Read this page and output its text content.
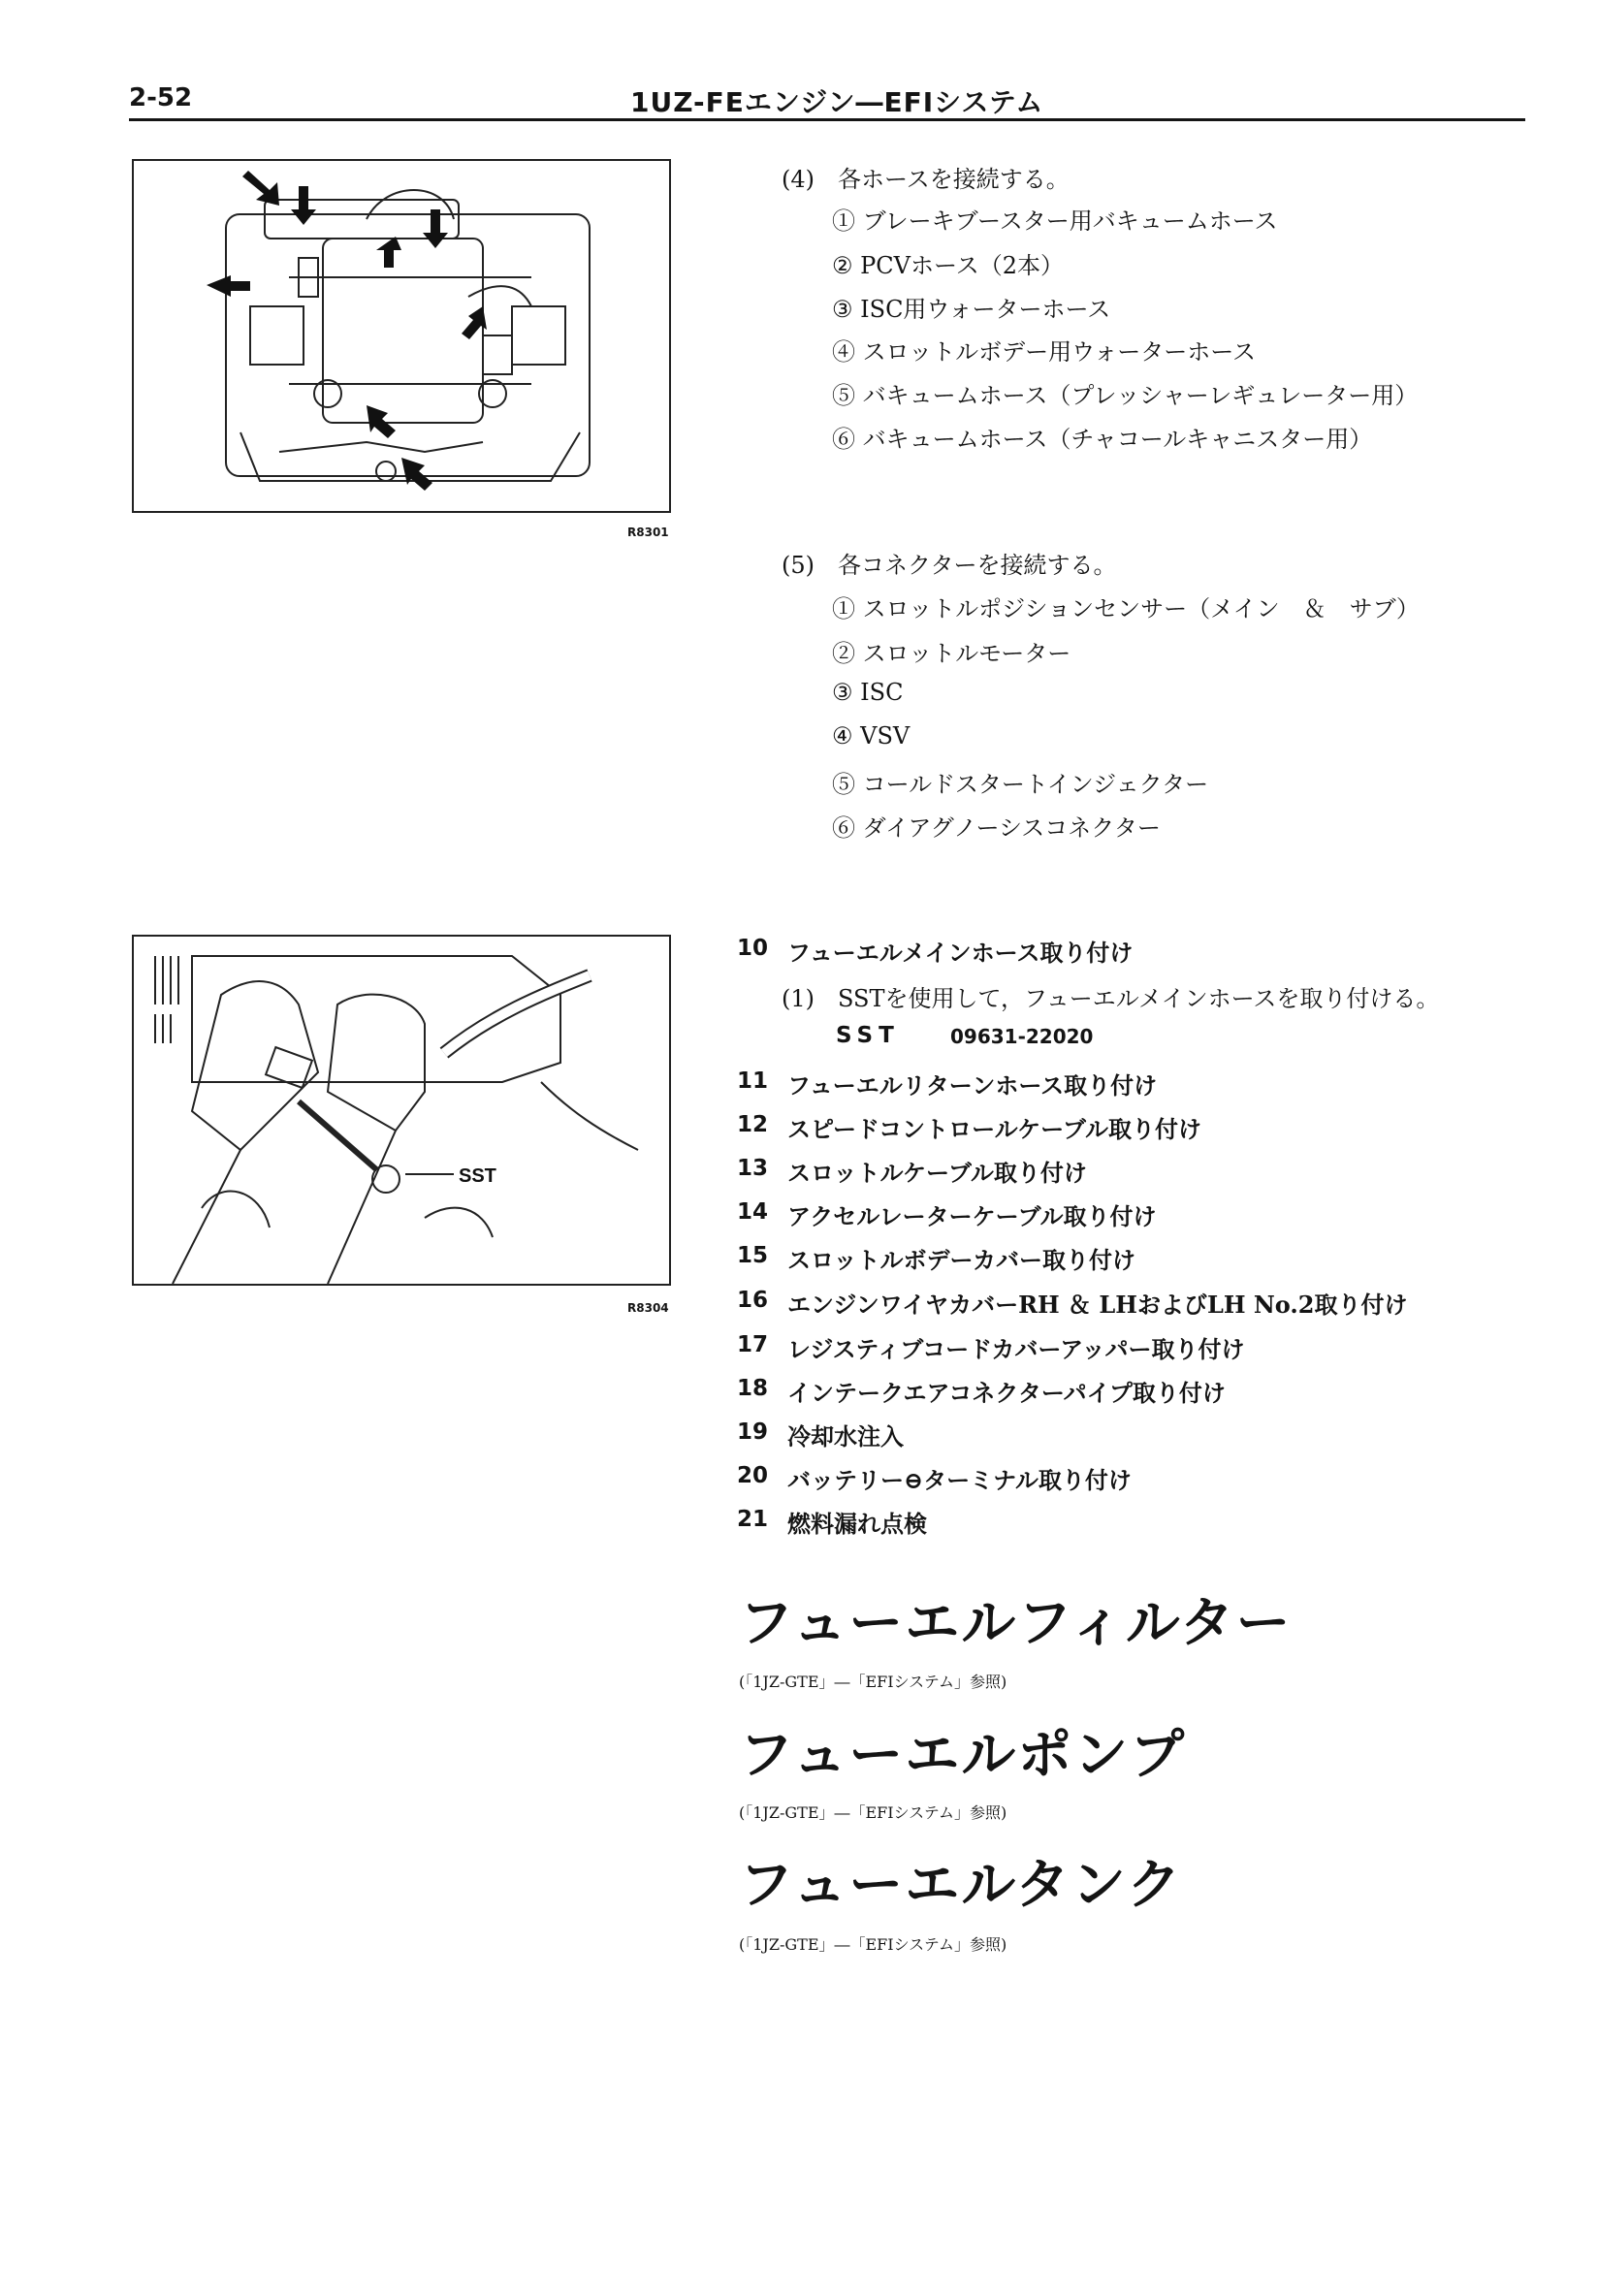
2-52	1UZ-FEエンジン―EFIシステム
R8301
SST
R8304
(4)　各ホースを接続する。
① ブレーキブースター用バキュームホース
② PCVホース（2本）
③ ISC用ウォーターホース
④ スロットルボデー用ウォーターホース
⑤ バキュームホース（プレッシャーレギュレーター用）
⑥ バキュームホース（チャコールキャニスター用）
(5)　各コネクターを接続する。
① スロットルポジションセンサー（メイン　＆　サブ）
② スロットルモーター
③ ISC
④ VSV
⑤ コールドスタートインジェクター
⑥ ダイアグノーシスコネクター
10 フューエルメインホース取り付け
(1)　SSTを使用して，フューエルメインホースを取り付ける。
SST	09631-22020
11 フューエルリターンホース取り付け
12 スピードコントロールケーブル取り付け
13 スロットルケーブル取り付け
14 アクセルレーターケーブル取り付け
15 スロットルボデーカバー取り付け
16 エンジンワイヤカバーRH ＆ LHおよびLH No.2取り付け
17 レジスティブコードカバーアッパー取り付け
18 インテークエアコネクターパイプ取り付け
19 冷却水注入
20 バッテリー⊖ターミナル取り付け
21 燃料漏れ点検
フューエルフィルター
(「1JZ-GTE」―「EFIシステム」参照)
フューエルポンプ
(「1JZ-GTE」―「EFIシステム」参照)
フューエルタンク
(「1JZ-GTE」―「EFIシステム」参照)
